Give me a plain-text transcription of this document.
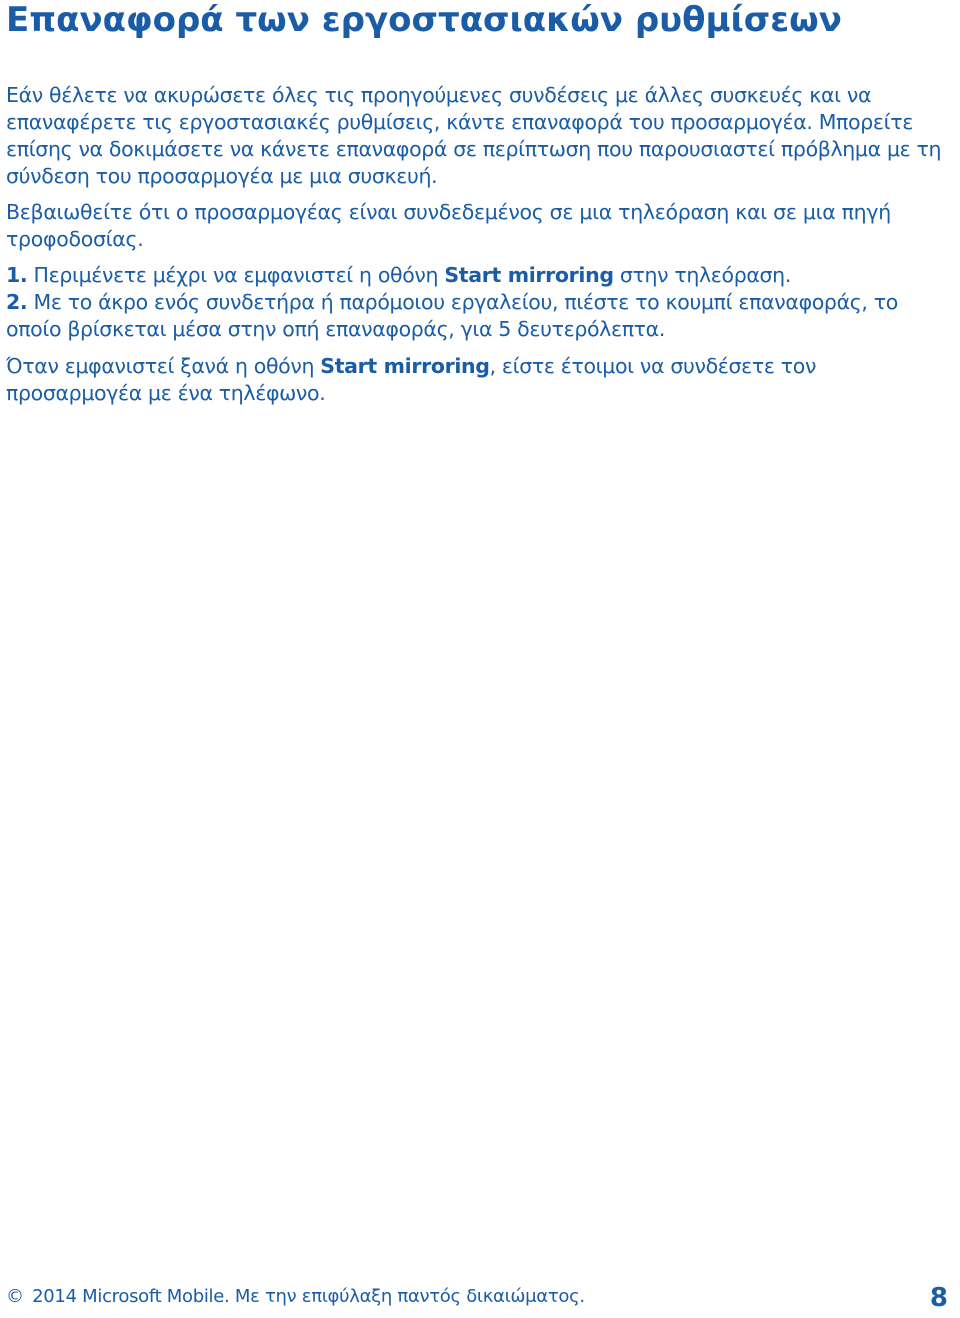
Επαναφορά των εργοστασιακών ρυθμίσεων

Εάν θέλετε να ακυρώσετε όλες τις προηγούμενες συνδέσεις με άλλες συσκευές και να επαναφέρετε τις εργοστασιακές ρυθμίσεις, κάντε επαναφορά του προσαρμογέα. Μπορείτε επίσης να δοκιμάσετε να κάνετε επαναφορά σε περίπτωση που παρουσιαστεί πρόβλημα με τη σύνδεση του προσαρμογέα με μια συσκευή.

Βεβαιωθείτε ότι ο προσαρμογέας είναι συνδεδεμένος σε μια τηλεόραση και σε μια πηγή τροφοδοσίας.

1. Περιμένετε μέχρι να εμφανιστεί η οθόνη Start mirroring στην τηλεόραση.

2. Με το άκρο ενός συνδετήρα ή παρόμοιου εργαλείου, πιέστε το κουμπί επαναφοράς, το οποίο βρίσκεται μέσα στην οπή επαναφοράς, για 5 δευτερόλεπτα.

Όταν εμφανιστεί ξανά η οθόνη Start mirroring, είστε έτοιμοι να συνδέσετε τον προσαρμογέα με ένα τηλέφωνο.

© 2014 Microsoft Mobile. Με την επιφύλαξη παντός δικαιώματος.	8
